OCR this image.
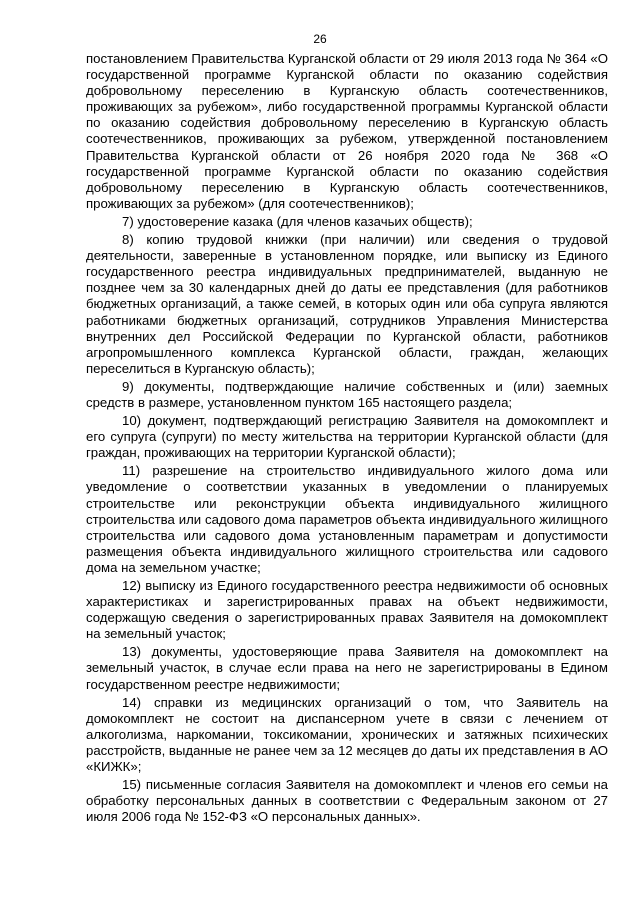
26

постановлением Правительства Курганской области от 29 июля 2013 года № 364 «О государственной программе Курганской области по оказанию содействия добровольному переселению в Курганскую область соотечественников, проживающих за рубежом», либо государственной программы Курганской области по оказанию содействия добровольному переселению в Курганскую область соотечественников, проживающих за рубежом, утвержденной постановлением Правительства Курганской области от 26 ноября 2020 года № 368 «О государственной программе Курганской области по оказанию содействия добровольному переселению в Курганскую область соотечественников, проживающих за рубежом» (для соотечественников);

7) удостоверение казака (для членов казачьих обществ);

8) копию трудовой книжки (при наличии) или сведения о трудовой деятельности, заверенные в установленном порядке, или выписку из Единого государственного реестра индивидуальных предпринимателей, выданную не позднее чем за 30 календарных дней до даты ее представления (для работников бюджетных организаций, а также семей, в которых один или оба супруга являются работниками бюджетных организаций, сотрудников Управления Министерства внутренних дел Российской Федерации по Курганской области, работников агропромышленного комплекса Курганской области, граждан, желающих переселиться в Курганскую область);

9) документы, подтверждающие наличие собственных и (или) заемных средств в размере, установленном пунктом 165 настоящего раздела;

10) документ, подтверждающий регистрацию Заявителя на домокомплект и его супруга (супруги) по месту жительства на территории Курганской области (для граждан, проживающих на территории Курганской области);

11) разрешение на строительство индивидуального жилого дома или уведомление о соответствии указанных в уведомлении о планируемых строительстве или реконструкции объекта индивидуального жилищного строительства или садового дома параметров объекта индивидуального жилищного строительства или садового дома установленным параметрам и допустимости размещения объекта индивидуального жилищного строительства или садового дома на земельном участке;

12) выписку из Единого государственного реестра недвижимости об основных характеристиках и зарегистрированных правах на объект недвижимости, содержащую сведения о зарегистрированных правах Заявителя на домокомплект на земельный участок;

13) документы, удостоверяющие права Заявителя на домокомплект на земельный участок, в случае если права на него не зарегистрированы в Едином государственном реестре недвижимости;

14) справки из медицинских организаций о том, что Заявитель на домокомплект не состоит на диспансерном учете в связи с лечением от алкоголизма, наркомании, токсикомании, хронических и затяжных психических расстройств, выданные не ранее чем за 12 месяцев до даты их представления в АО «КИЖК»;

15) письменные согласия Заявителя на домокомплект и членов его семьи на обработку персональных данных в соответствии с Федеральным законом от 27 июля 2006 года № 152-ФЗ «О персональных данных».
